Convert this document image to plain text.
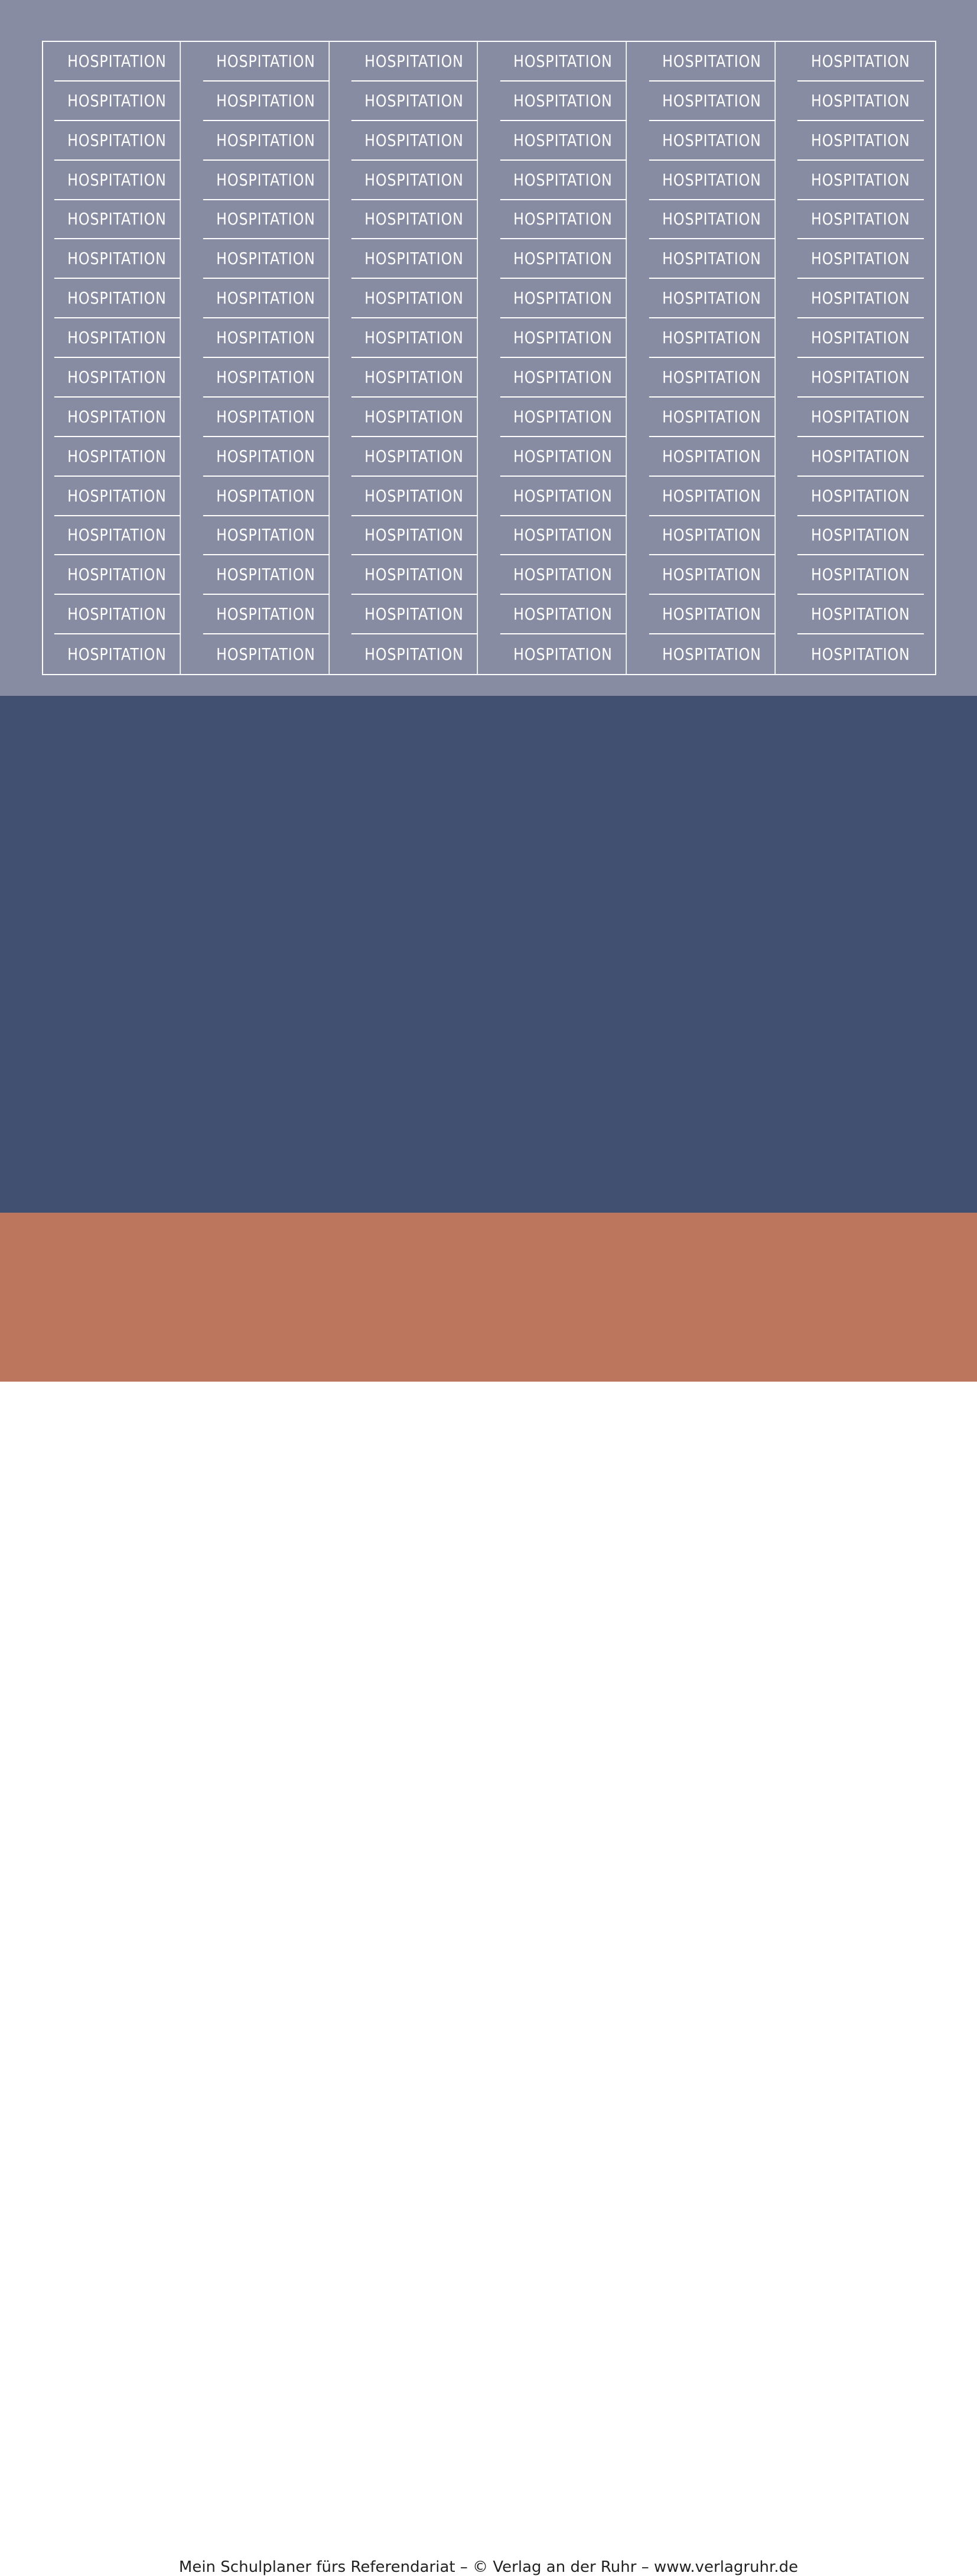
HOSPITATION	HOSPITATION	HOSPITATION	HOSPITATION	HOSPITATION	HOSPITATION
HOSPITATION	HOSPITATION	HOSPITATION	HOSPITATION	HOSPITATION	HOSPITATION
HOSPITATION	HOSPITATION	HOSPITATION	HOSPITATION	HOSPITATION	HOSPITATION
HOSPITATION	HOSPITATION	HOSPITATION	HOSPITATION	HOSPITATION	HOSPITATION
HOSPITATION	HOSPITATION	HOSPITATION	HOSPITATION	HOSPITATION	HOSPITATION
HOSPITATION	HOSPITATION	HOSPITATION	HOSPITATION	HOSPITATION	HOSPITATION
HOSPITATION	HOSPITATION	HOSPITATION	HOSPITATION	HOSPITATION	HOSPITATION
HOSPITATION	HOSPITATION	HOSPITATION	HOSPITATION	HOSPITATION	HOSPITATION
HOSPITATION	HOSPITATION	HOSPITATION	HOSPITATION	HOSPITATION	HOSPITATION
HOSPITATION	HOSPITATION	HOSPITATION	HOSPITATION	HOSPITATION	HOSPITATION
HOSPITATION	HOSPITATION	HOSPITATION	HOSPITATION	HOSPITATION	HOSPITATION
HOSPITATION	HOSPITATION	HOSPITATION	HOSPITATION	HOSPITATION	HOSPITATION
HOSPITATION	HOSPITATION	HOSPITATION	HOSPITATION	HOSPITATION	HOSPITATION
HOSPITATION	HOSPITATION	HOSPITATION	HOSPITATION	HOSPITATION	HOSPITATION
HOSPITATION	HOSPITATION	HOSPITATION	HOSPITATION	HOSPITATION	HOSPITATION
HOSPITATION	HOSPITATION	HOSPITATION	HOSPITATION	HOSPITATION	HOSPITATION
SEMINAR	SEMINAR	SEMINAR	SEMINAR	SEMINAR	SEMINAR
SEMINAR	SEMINAR	SEMINAR	SEMINAR	SEMINAR	SEMINAR
SEMINAR	SEMINAR	SEMINAR	SEMINAR	SEMINAR	SEMINAR
SEMINAR	SEMINAR	SEMINAR	SEMINAR	SEMINAR	SEMINAR
SEMINAR	SEMINAR	SEMINAR	SEMINAR	SEMINAR	SEMINAR
SEMINAR	SEMINAR	SEMINAR	SEMINAR	SEMINAR	SEMINAR
SEMINAR	SEMINAR	SEMINAR	SEMINAR	SEMINAR	SEMINAR
SEMINAR	SEMINAR	SEMINAR	SEMINAR	SEMINAR	SEMINAR
SEMINAR	SEMINAR	SEMINAR	SEMINAR	SEMINAR	SEMINAR
SEMINAR	SEMINAR	SEMINAR	SEMINAR	SEMINAR	SEMINAR
SEMINAR	SEMINAR	SEMINAR	SEMINAR	SEMINAR	SEMINAR
SEMINAR	SEMINAR	SEMINAR	SEMINAR	SEMINAR	SEMINAR
LEHRPROBE	LEHRPROBE	LEHRPROBE	LEHRPROBE	LEHRPROBE	LEHRPROBE
LEHRPROBE	LEHRPROBE	LEHRPROBE	LEHRPROBE	LEHRPROBE	LEHRPROBE
Mein Schulplaner fürs Referendariat – © Verlag an der Ruhr – www.verlagruhr.de
